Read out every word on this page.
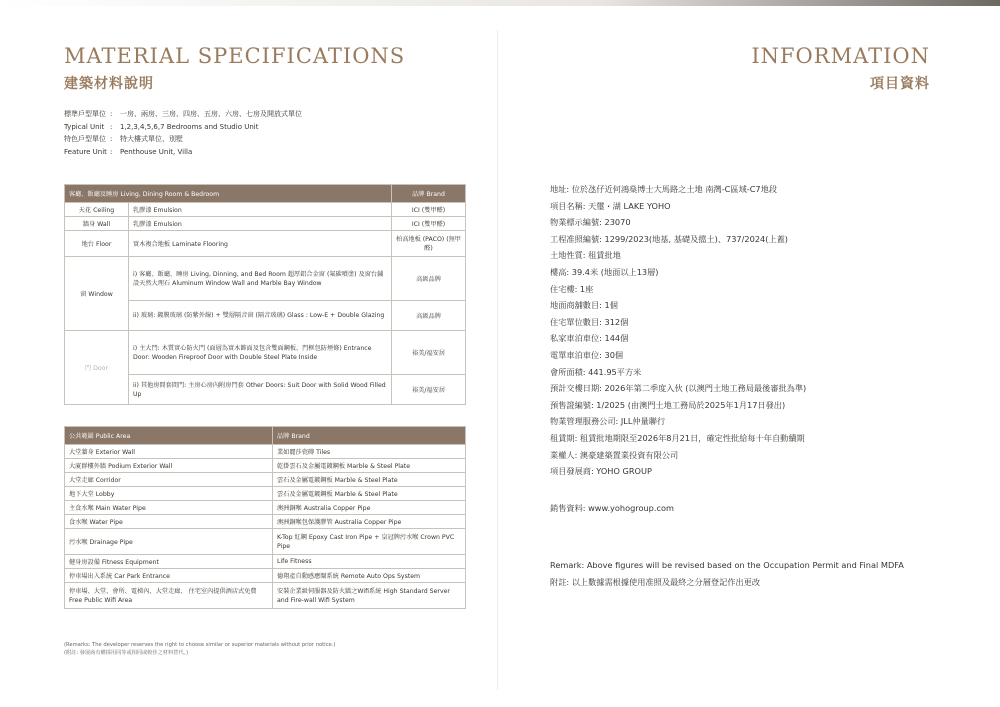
MATERIAL SPECIFICATIONS
建築材料說明
標準戶型單位 :	一房、兩房、三房、四房、五房、六房、七房及開放式單位
Typical Unit :	1,2,3,4,5,6,7 Bedrooms and Studio Unit
特色戶型單位 :	特大樓式單位、別墅
Feature Unit :	Penthouse Unit, Villa
客廳、飯廳及睡房 Living, Dining Room & Bedroom		品牌 Brand
天花 Ceiling	乳膠漆 Emulsion	ICI (雙甲醛)
牆身 Wall	乳膠漆 Emulsion	ICI (雙甲醛)
地台 Floor	實木複合地板 Laminate Flooring	柏高地板 (PACO) (無甲醛)
窗 Window	i) 客廳、飯廳、睡房 Living, Dinning, and Bed Room 超厚鋁合金窗 (氟碳噴塗) 及窗台鋪設天然大理石 Aluminum Window Wall and Marble Bay Window	高級品牌
	ii) 玻璃: 鍍膜玻璃 (防紫外線) + 雙層隔音窗 (隔音玻璃) Glass : Low-E + Double Glazing	高級品牌
門 Door	i) 主大門: 木質實心防火門 (面層為實木飾面及包含雙面鋼板、門框包防煙條) Entrance Door: Wooden Fireproof Door with Double Steel Plate Inside	裕美/福安居
	ii) 其他房間套間門: 主房心房內附房門套 Other Doors: Suit Door with Solid Wood Filled Up	裕美/福安居
公共範圍 Public Area	品牌 Brand
大堂牆身 Exterior Wall	業如麗莎瓷磚 Tiles
大廈群樓外牆 Podium Exterior Wall	乾掛雲石及金屬電鍍鋼板 Marble & Steel Plate
大堂走廊 Corridor	雲石及金屬電鍍鋼板 Marble & Steel Plate
地下大堂 Lobby	雲石及金屬電鍍鋼板 Marble & Steel Plate
主食水喉 Main Water Pipe	澳洲銅喉 Australia Copper Pipe
食水喉 Water Pipe	澳洲銅喉包保護膠管 Australia Copper Pipe
污水喉 Drainage Pipe	K-Top 紅鋼 Epoxy Cast Iron Pipe + 皇冠牌污水喉 Crown PVC Pipe
健身房設備 Fitness Equipment	Life Fitness
停車場出入系統 Car Park Entrance	德翔產自動感應閘系統 Remote Auto Ops System
停車場、大堂、會所、電梯內、大堂走廊、 住宅室內提供酒店式免費 Free Public Wifi Area	安裝企業級伺服器及防火牆之Wifi系統 High Standard Server and Fire-wall Wifi System
(Remarks: The developer reserves the right to choose similar or superior materials without prior notice.)
(附註: 發展商有權採用同等或相同或較佳之材料替代。)
INFORMATION
項目資料
地址: 位於氹仔近何鴻燊博士大馬路之土地 南灣-C區域-C7地段
項目名稱: 天璽・湖 LAKE YOHO
物業標示編號: 23070
工程准照編號: 1299/2023(地基, 基礎及擋土)、737/2024(上蓋)
土地性質: 租賃批地
樓高: 39.4米 (地面以上13層)
住宅樓: 1座
地面商舖數目: 1個
住宅單位數目: 312個
私家車泊車位: 144個
電單車泊車位: 30個
會所面積: 441.95平方米
預計交樓日期: 2026年第二季度入伙 (以澳門土地工務局最後審批為準)
預售證編號: 1/2025 (由澳門土地工務局於2025年1月17日發出)
物業管理服務公司: JLL仲量聯行
租賃期: 租賃批地期限至2026年8月21日，確定性批給每十年自動續期
業權人: 澳豪建築置業投資有限公司
項目發展商: YOHO GROUP
銷售資料: www.yohogroup.com
Remark: Above figures will be revised based on the Occupation Permit and Final MDFA
附註: 以上數據需根據使用准照及最終之分層登記作出更改
